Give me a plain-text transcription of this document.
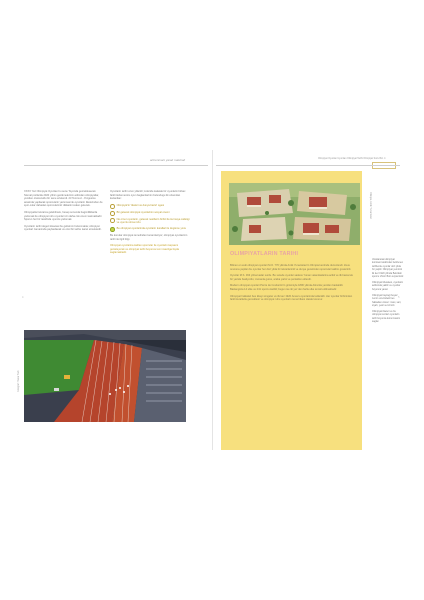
antrenmani yarak makinali	Olimpiyat Oyunlan Uyumlan Olimpiyat Tarihi Olimpiyat Sozu Bol. 4

XXXX Yaz Olimpiyat Oyunlan bu sene Toyonda gerceklesecek. Sismal portlarda 2020 yilinin gecikmelerinin ardindan olimpiyatlar, yeniden olusturuldu bir sene ertelendi. 23 Temmuz - 8 Agustos arasinda yapilacak sporcularin yarismasi ile oyunlarin ilkelerinden de spor-cular dahadan sporcularimiz dikkatini ceken gelecek.

Olimpiyatlar tekrarca gelebilmek, hesap sonunda bagimliliklarda yarismak ile olimpiyat ruhu oyunlar icin daha cok onem tasimaktadir. Sporun her bir tarafinda uyumlu yarismak.

Oyunlarin tarihi degeri kisacasi bu gelisimin bulunmakta; olimpiyat oyunlari zamaninda paylasilacak ve ozel bir tarihe isaret etmektedir.

Oyunlarin tarihi uzun yillardir; Lideride kalacak bir oyunlarin birkac farkli ilerlemenize oyun baglamlarinin bulundugu ilk ortamdan kazanilan:

Olimpiyat'in 'ilkeleri ve dunya barisi' ogesi
Bir gelecek olimpiyat oyunlarinin sosyal onemi
Ne orner oyunlarin, gelecek nesillerin birbiri ile kurmaya calistigi ve uyumlu olma ruhu
Bu olimpiyat oyunlarinda oyunlarin kurallari ile degisme yonu

Bu konular olimpiyat temelinden kuramlaniyor; olimpiyat oyunlarinin tarihi ile ilgili bilgi.

Olimpiyat oyunlarina katilan sporcular ile oyunlarin kapsami genisleyerek ve olimpiyat tarihi boyunca tum insanliga fayda saglamaktadir.

Fotograf: Yasar Turk
OLIMPIYATLARIN TARIHI

Bilinen en eski olimpiyat oyunlari M.O. 776 yilinda Antik Yunanistan'in Olimpia kentinde duzenlendi. Zeus onuruna yapilan bu oyunlar her dort yilda bir tekrarlanirdi ve dunya genelinden sporcular katilim gosterirdi.

Oyunlar M.S. 393 yilina kadar surdu. Bu surede oyunlar sadece Yunan vatandaslarina acikti ve ilk basta tek bir yarisla basliyordu; zamanla gures, araba yarisi ve pentatlon eklendi.

Modern olimpiyat oyunlari Pierre de Coubertin'in girisimiyle 1896 yilinda Atina'da yeniden baslatildi. Baslangicta 14 ulke ve 241 sporcu katildi; bugun ise iki yuz den fazla ulke temsil edilmektedir.

Olimpiyat halkalari bes kitayi simgeler ve ilk kez 1920 Anvers oyunlarinda kullanildi. Her oyunlar birbirinden farkli kurallarla gerceklesir ve olimpiyat ruhu oyunlarin temel ilkesi olarak korunur.

Olimpia, Antik Yunanistan

Uluslararasi olimpiyat komitesi tarafindan belirlenen tarihlerde oyunlar dort yilda bir yapilir. Olimpiyat yeminini ilk kez 1920 yilinda Belcikali sporcu Victor Boin soylemistir.

Olimpiyat Mesalesi, oyunlarin acilisinda yakilir ve oyunlar boyunca yanar.

Olimpiyat bayragi beyaz zemin uzerindeki bes halkadan olusur: mavi, sari, siyah, yesil ve kirmizi.

Olimpiyat ilkeleri ve bu olimpiyat sozleri oyunlarin tarih boyunca korunmasini saglar.

4	5
